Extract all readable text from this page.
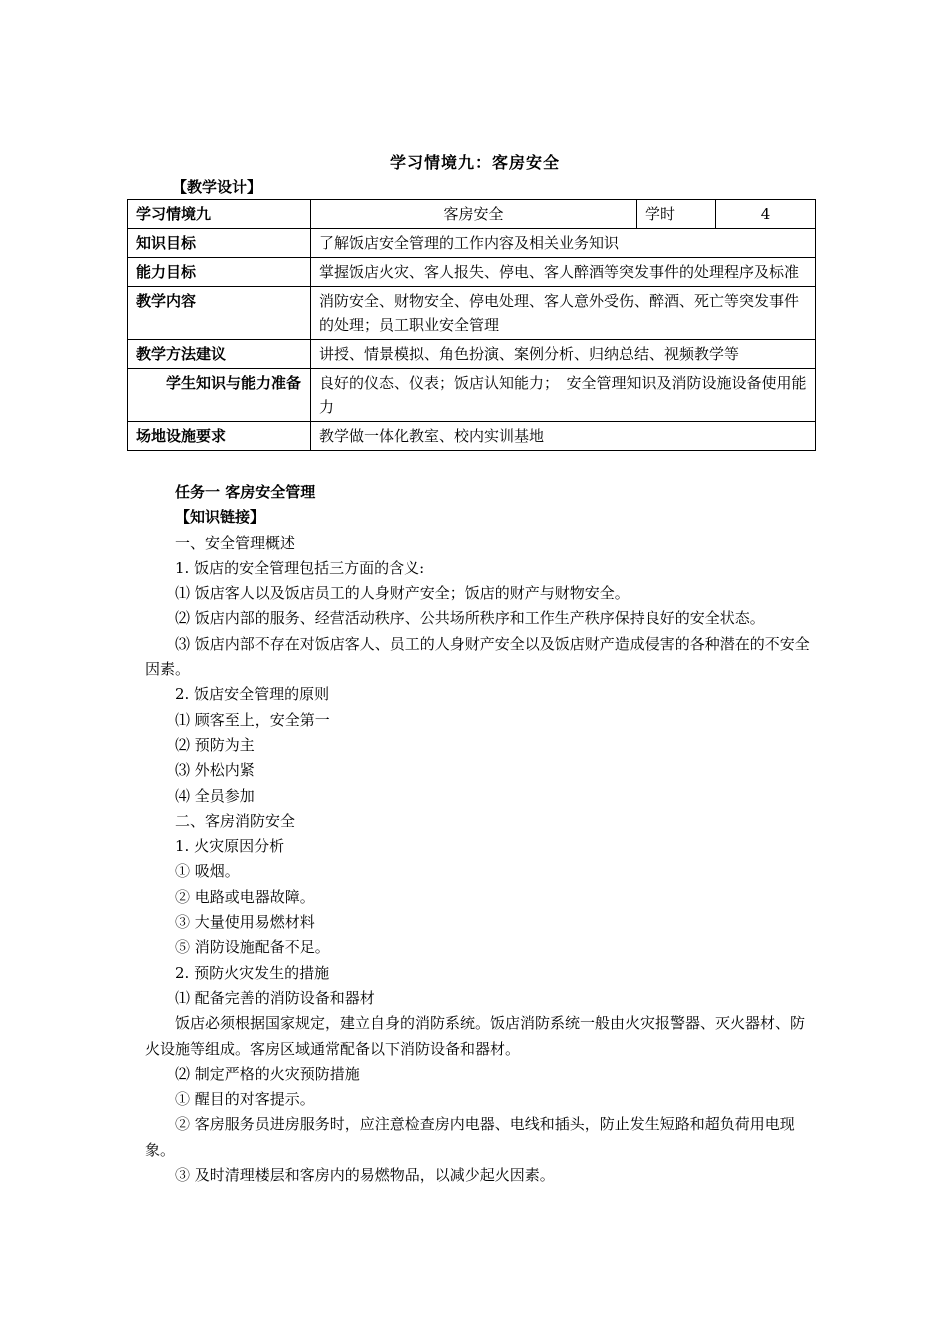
学习情境九：客房安全
【教学设计】
学习情境九	客房安全	学时	4
知识目标	了解饭店安全管理的工作内容及相关业务知识		
能力目标	掌握饭店火灾、客人报失、停电、客人醉酒等突发事件的处理程序及标准		
教学内容	消防安全、财物安全、停电处理、客人意外受伤、醉酒、死亡等突发事件的处理；员工职业安全管理		
教学方法建议	讲授、情景模拟、角色扮演、案例分析、归纳总结、视频教学等		
学生知识与能力准备	良好的仪态、仪表；饭店认知能力；　安全管理知识及消防设施设备使用能力		
场地设施要求	教学做一体化教室、校内实训基地		

任务一 客房安全管理

【知识链接】

一、安全管理概述

1. 饭店的安全管理包括三方面的含义:

⑴ 饭店客人以及饭店员工的人身财产安全；饭店的财产与财物安全。

⑵ 饭店内部的服务、经营活动秩序、公共场所秩序和工作生产秩序保持良好的安全状态。

⑶ 饭店内部不存在对饭店客人、员工的人身财产安全以及饭店财产造成侵害的各种潜在的不安全因素。

2. 饭店安全管理的原则

⑴ 顾客至上，安全第一

⑵ 预防为主

⑶ 外松内紧

⑷ 全员参加

二、客房消防安全

1. 火灾原因分析

① 吸烟。

② 电路或电器故障。

③ 大量使用易燃材料

⑤ 消防设施配备不足。

2. 预防火灾发生的措施

⑴ 配备完善的消防设备和器材

饭店必须根据国家规定，建立自身的消防系统。饭店消防系统一般由火灾报警器、灭火器材、防火设施等组成。客房区域通常配备以下消防设备和器材。

⑵ 制定严格的火灾预防措施

① 醒目的对客提示。

② 客房服务员进房服务时，应注意检查房内电器、电线和插头，防止发生短路和超负荷用电现象。

③ 及时清理楼层和客房内的易燃物品，以减少起火因素。
